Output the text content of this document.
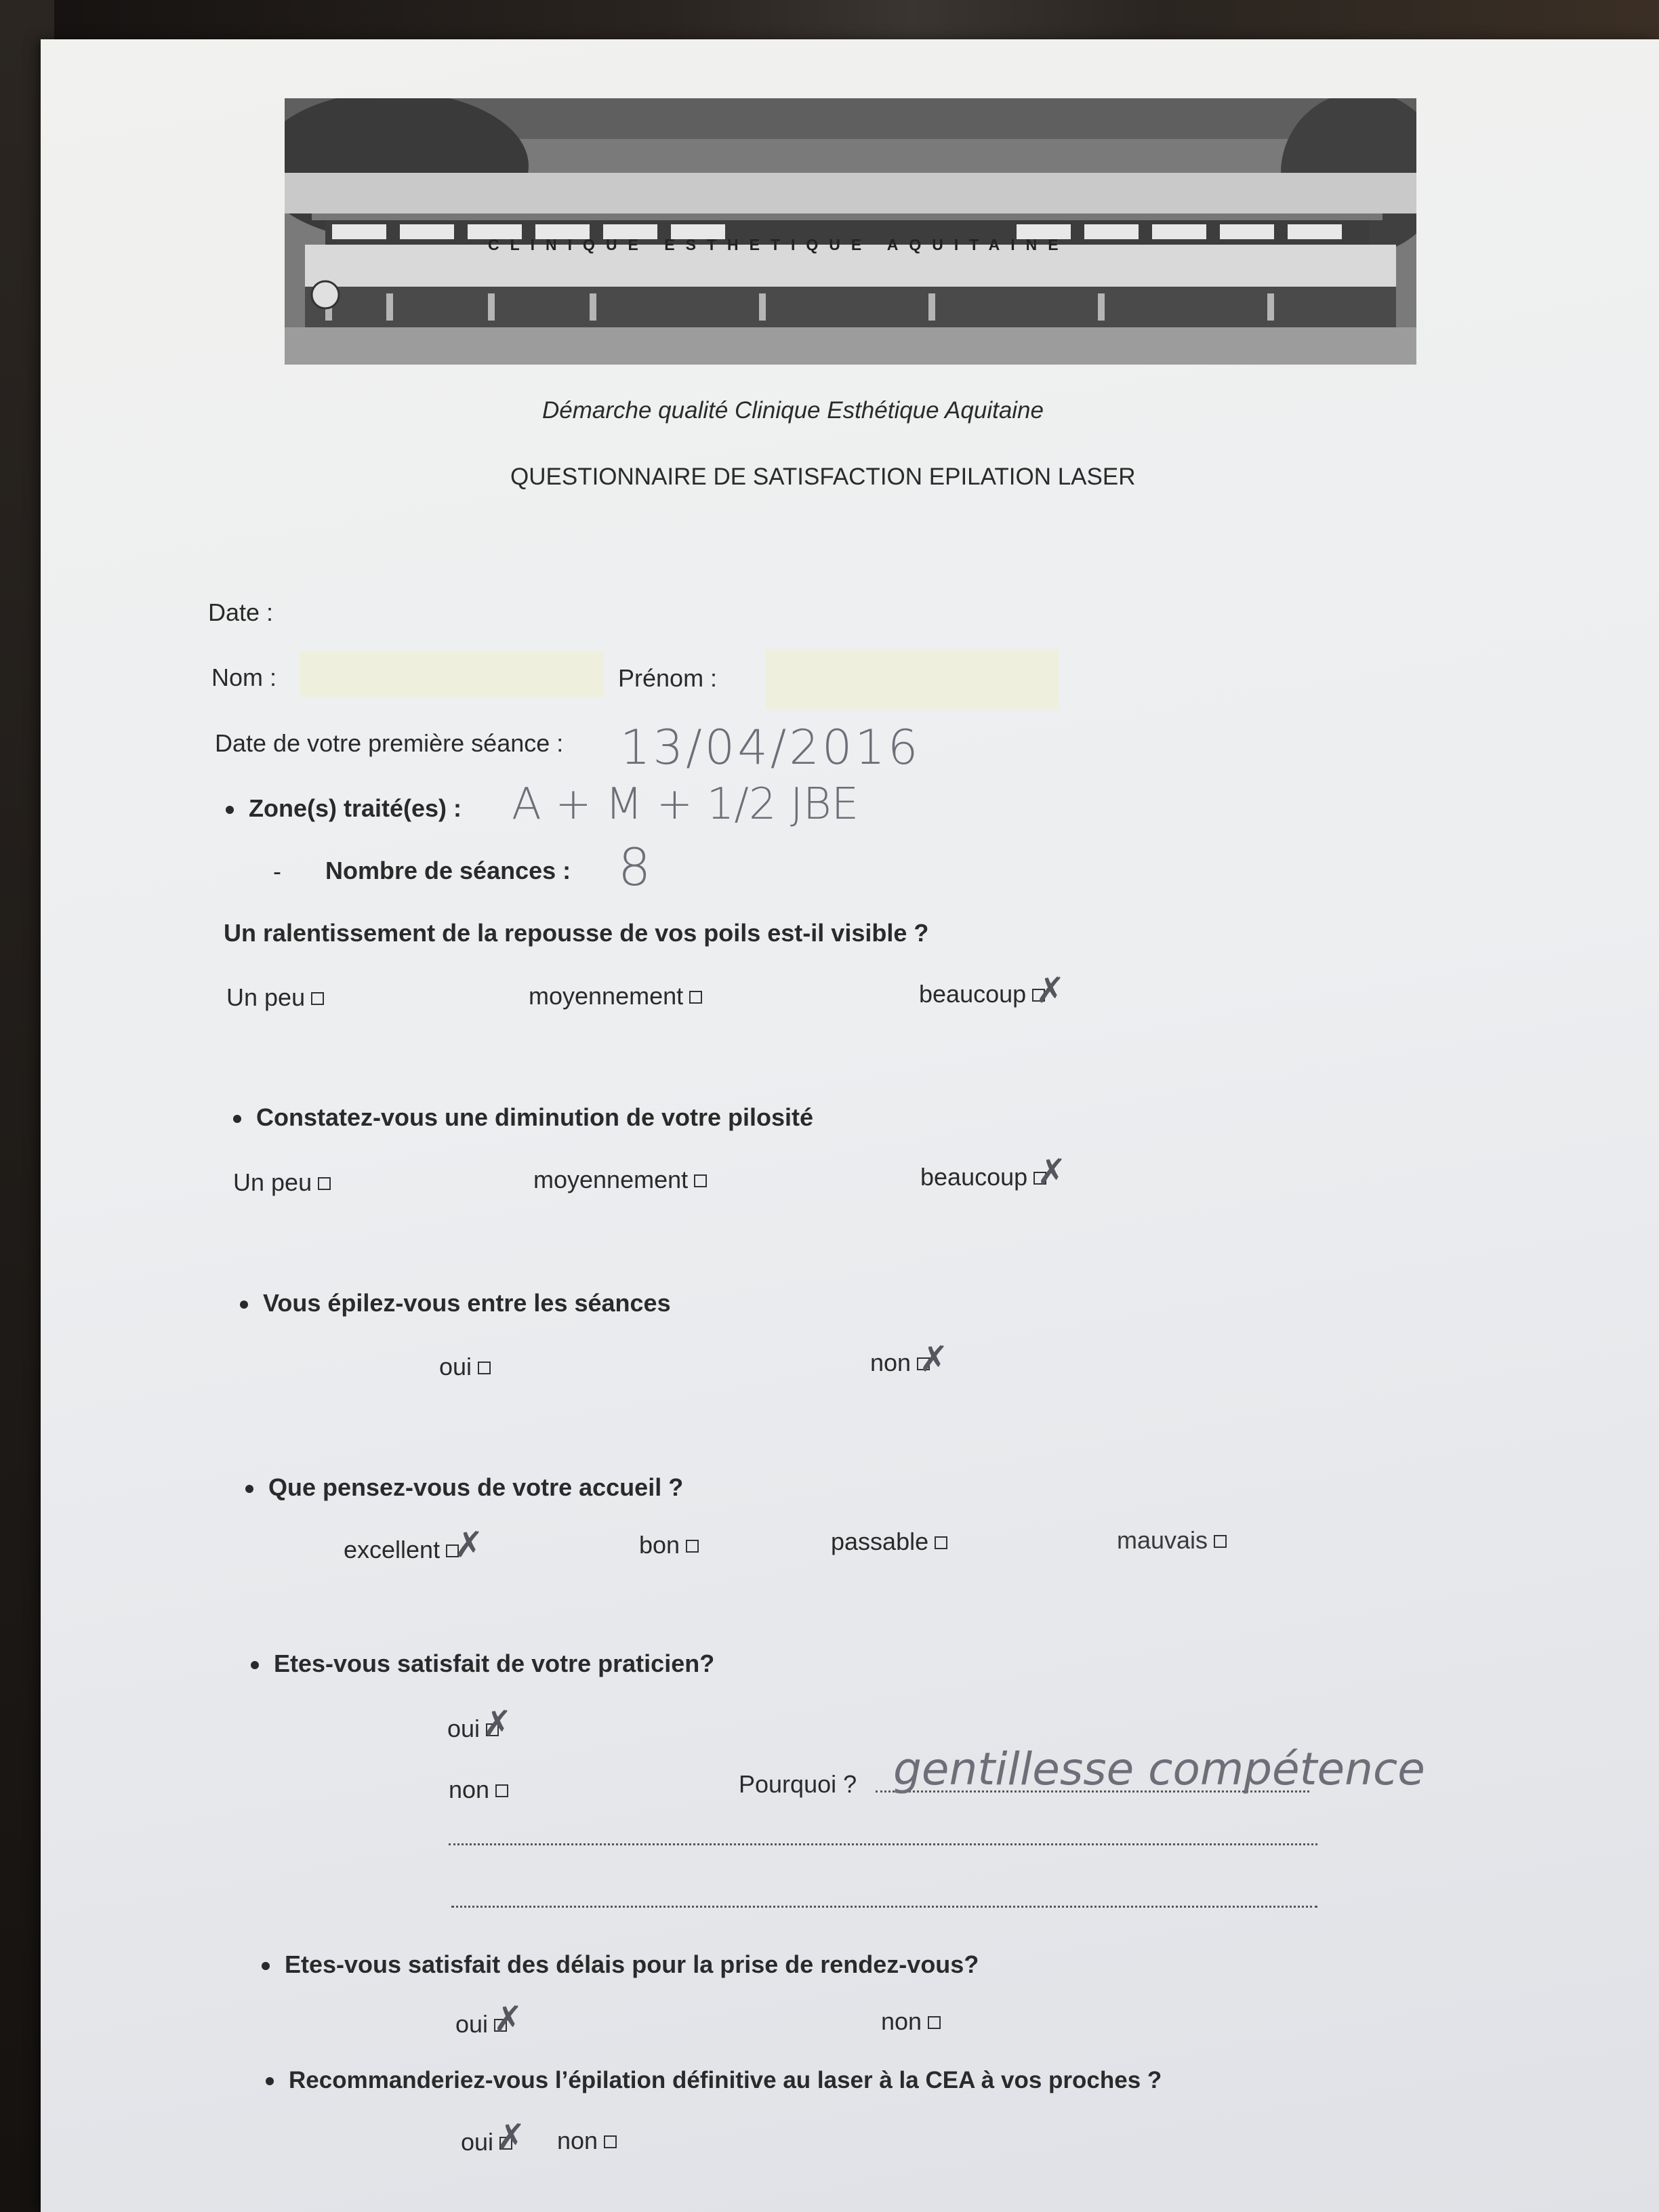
CLINIQUE ESTHETIQUE AQUITAINE
Démarche qualité Clinique Esthétique Aquitaine
QUESTIONNAIRE DE SATISFACTION EPILATION LASER
Date :
Nom :	Prénom :
Date de votre première séance : 13/04/2016
Zone(s) traité(es) : A + M + 1/2 JBE
- Nombre de séances : 8
Un ralentissement de la repousse de vos poils est-il visible ?
Un peu	moyennement	beaucoup ✗
Constatez-vous une diminution de votre pilosité
Un peu	moyennement	beaucoup ✗
Vous épilez-vous entre les séances
oui	non ✗
Que pensez-vous de votre accueil ?
excellent ✗	bon	passable	mauvais
Etes-vous satisfait de votre praticien?
oui ✗
non	Pourquoi ? gentillesse compétence
Etes-vous satisfait des délais pour la prise de rendez-vous?
oui ✗	non
Recommanderiez-vous l’épilation définitive au laser à la CEA à vos proches ?
oui ✗ non
